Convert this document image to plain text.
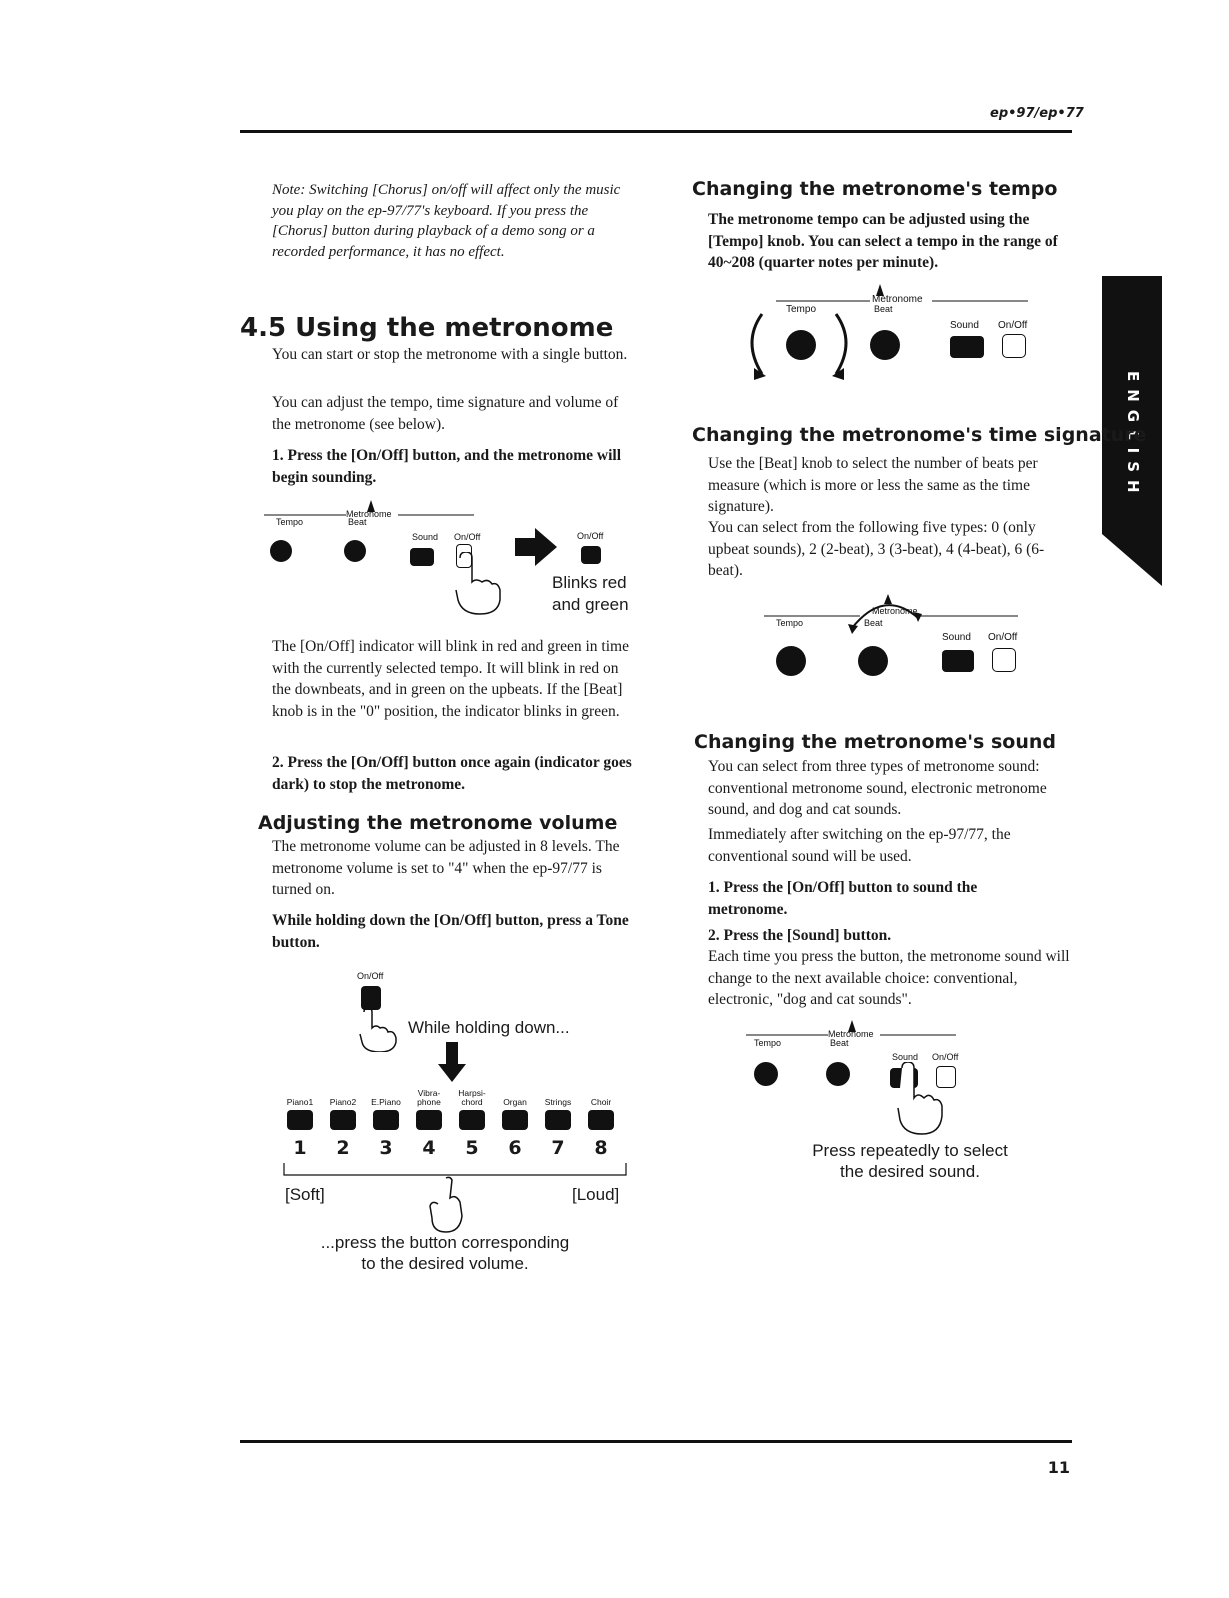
ep•97/ep•77
ENGLISH

Note: Switching [Chorus] on/off will affect only the music you play on the ep-97/77's keyboard. If you press the [Chorus] button during playback of a demo song or a recorded performance, it has no effect.

4.5 Using the metronome

You can start or stop the metronome with a single button.

You can adjust the tempo, time signature and volume of the metronome (see below).

1. Press the [On/Off] button, and the metronome will begin sounding.

Metronome
Tempo	Beat
Sound On/Off	On/Off
Blinks red
and green

The [On/Off] indicator will blink in red and green in time with the currently selected tempo. It will blink in red on the downbeats, and in green on the upbeats. If the [Beat] knob is in the "0" position, the indicator blinks in green.

2. Press the [On/Off] button once again (indicator goes dark) to stop the metronome.

Adjusting the metronome volume

The metronome volume can be adjusted in 8 levels. The metronome volume is set to "4" when the ep-97/77 is turned on.

While holding down the [On/Off] button, press a Tone button.

On/Off
While holding down...
Piano1
1
Piano2
2
E.Piano
3
Vibra-phone
4
Harpsi-chord
5
Organ
6
Strings
7
Choir
8
[Soft]	[Loud]
...press the button corresponding
to the desired volume.
Changing the metronome's tempo

The metronome tempo can be adjusted using the [Tempo] knob. You can select a tempo in the range of 40~208 (quarter notes per minute).

Metronome
Tempo	Beat
Sound On/Off
Changing the metronome's time signature

Use the [Beat] knob to select the number of beats per measure (which is more or less the same as the time signature).

You can select from the following five types: 0 (only upbeat sounds), 2 (2-beat), 3 (3-beat), 4 (4-beat), 6 (6-beat).

Metronome
Tempo	Beat
Sound On/Off
Changing the metronome's sound

You can select from three types of metronome sound: conventional metronome sound, electronic metronome sound, and dog and cat sounds.

Immediately after switching on the ep-97/77, the conventional sound will be used.

1. Press the [On/Off] button to sound the metronome.

2. Press the [Sound] button.

Each time you press the button, the metronome sound will change to the next available choice: conventional, electronic, "dog and cat sounds".

Metronome
Tempo	Beat
Sound On/Off
Press repeatedly to select
the desired sound.
11
